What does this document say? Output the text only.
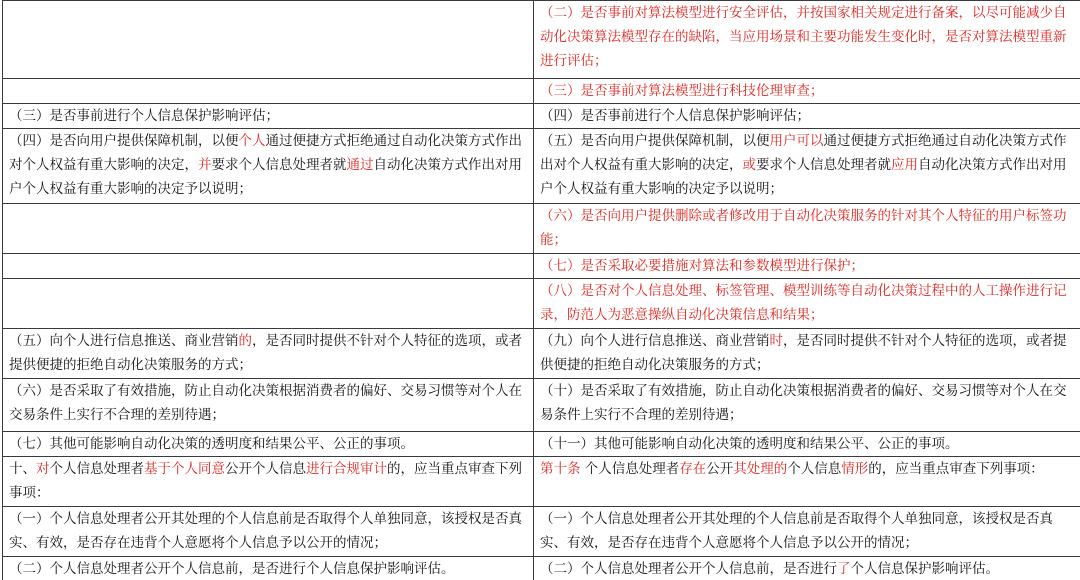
	（二）是否事前对算法模型进行安全评估，并按国家相关规定进行备案，以尽可能减少自动化决策算法模型存在的缺陷，当应用场景和主要功能发生变化时，是否对算法模型重新进行评估；
	（三）是否事前对算法模型进行科技伦理审查；
（三）是否事前进行个人信息保护影响评估；	（四）是否事前进行个人信息保护影响评估；
（四）是否向用户提供保障机制，以便个人通过便捷方式拒绝通过自动化决策方式作出对个人权益有重大影响的决定，并要求个人信息处理者就通过自动化决策方式作出对用户个人权益有重大影响的决定予以说明；	（五）是否向用户提供保障机制，以便用户可以通过便捷方式拒绝通过自动化决策方式作出对个人权益有重大影响的决定，或要求个人信息处理者就应用自动化决策方式作出对用户个人权益有重大影响的决定予以说明；
	（六）是否向用户提供删除或者修改用于自动化决策服务的针对其个人特征的用户标签功能；
	（七）是否采取必要措施对算法和参数模型进行保护；
	（八）是否对个人信息处理、标签管理、模型训练等自动化决策过程中的人工操作进行记录，防范人为恶意操纵自动化决策信息和结果；
（五）向个人进行信息推送、商业营销的，是否同时提供不针对个人特征的选项，或者提供便捷的拒绝自动化决策服务的方式；	（九）向个人进行信息推送、商业营销时，是否同时提供不针对个人特征的选项，或者提供便捷的拒绝自动化决策服务的方式；
（六）是否采取了有效措施，防止自动化决策根据消费者的偏好、交易习惯等对个人在交易条件上实行不合理的差别待遇；	（十）是否采取了有效措施，防止自动化决策根据消费者的偏好、交易习惯等对个人在交易条件上实行不合理的差别待遇；
（七）其他可能影响自动化决策的透明度和结果公平、公正的事项。	（十一）其他可能影响自动化决策的透明度和结果公平、公正的事项。
十、对个人信息处理者基于个人同意公开个人信息进行合规审计的，应当重点审查下列事项：	第十条 个人信息处理者存在公开其处理的个人信息情形的，应当重点审查下列事项：
（一）个人信息处理者公开其处理的个人信息前是否取得个人单独同意，该授权是否真实、有效，是否存在违背个人意愿将个人信息予以公开的情况；	（一）个人信息处理者公开其处理的个人信息前是否取得个人单独同意，该授权是否真实、有效，是否存在违背个人意愿将个人信息予以公开的情况；
（二）个人信息处理者公开个人信息前，是否进行个人信息保护影响评估。	（二）个人信息处理者公开个人信息前，是否进行了个人信息保护影响评估。
